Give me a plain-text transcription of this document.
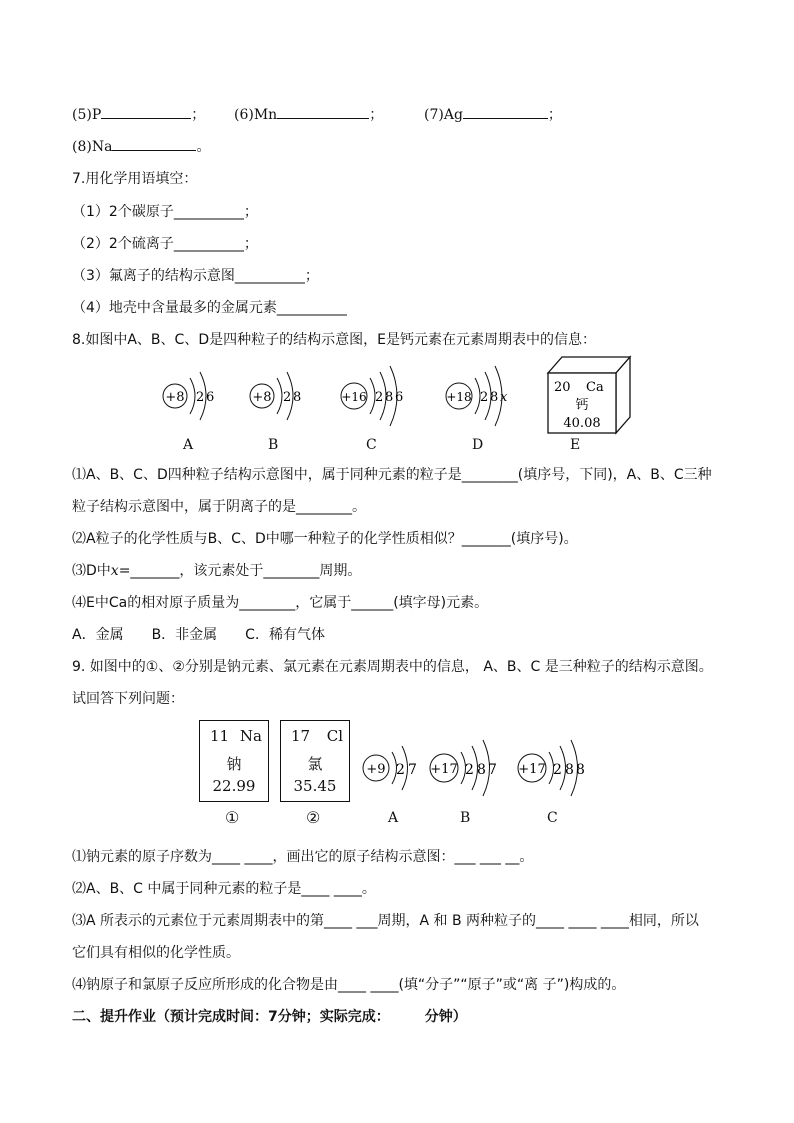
(5)P	； (6)Mn	；	(7)Ag	；
(8)Na	。
7.用化学用语填空：
（1）2个碳原子__________；
（2）2个硫离子__________；
（3）氟离子的结构示意图__________；
（4）地壳中含量最多的金属元素__________
8.如图中A、B、C、D是四种粒子的结构示意图，E是钙元素在元素周期表中的信息：
+8 2 6	+8 2 8	+16 2 8 6	+18 2 8 x
20 Ca
钙
40.08
A	B	C	D	E
⑴A、B、C、D四种粒子结构示意图中，属于同种元素的粒子是________(填序号，下同)，A、B、C三种
粒子结构示意图中，属于阴离子的是________。
⑵A粒子的化学性质与B、C、D中哪一种粒子的化学性质相似？_______(填序号)。
⑶D中x=_______，该元素处于________周期。
⑷E中Ca的相对原子质量为________，它属于______(填字母)元素。
A．金属　　B．非金属　　C．稀有气体
9. 如图中的①、②分别是钠元素、氯元素在元素周期表中的信息， A、B、C 是三种粒子的结构示意图。
试回答下列问题：
11 Na
钠
22.99
17 Cl
氯
35.45
+9 2 7 +17 2 8 7 +17 2 8 8
①	②	A	B	C
⑴钠元素的原子序数为____ ____，画出它的原子结构示意图：___ ___ __。
⑵A、B、C 中属于同种元素的粒子是____ ____。
⑶A 所表示的元素位于元素周期表中的第____ ___周期，A 和 B 两种粒子的____ ____ ____相同，所以
它们具有相似的化学性质。
⑷钠原子和氯原子反应所形成的化合物是由____ ____(填“分子”“原子”或“离 子”)构成的。
二、提升作业（预计完成时间：7分钟；实际完成：　　　分钟）
